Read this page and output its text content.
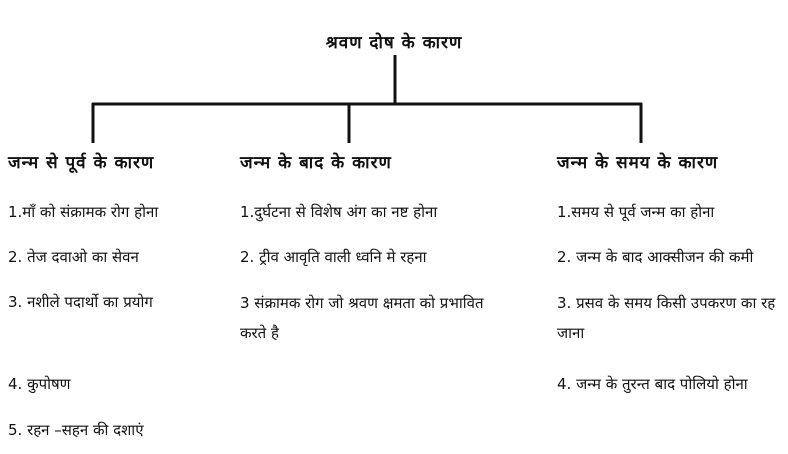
श्रवण दोष के कारण
जन्म से पूर्व के कारण
1.माँ को संक्रामक रोग होना
2. तेज दवाओ का सेवन
3. नशीले पदार्थो का प्रयोग
4. कुपोषण
5. रहन –सहन की दशाएं
जन्म के बाद के कारण
1.दुर्घटना से विशेष अंग का नष्ट होना
2. ट्रीव आवृति वाली ध्वनि मे रहना
3 संक्रामक रोग जो श्रवण क्षमता को प्रभावित करते है
जन्म के समय के कारण
1.समय से पूर्व जन्म का होना
2. जन्म के बाद आक्सीजन की कमी
3. प्रसव के समय किसी उपकरण का रह जाना
4. जन्म के तुरन्त बाद पोलियो होना
